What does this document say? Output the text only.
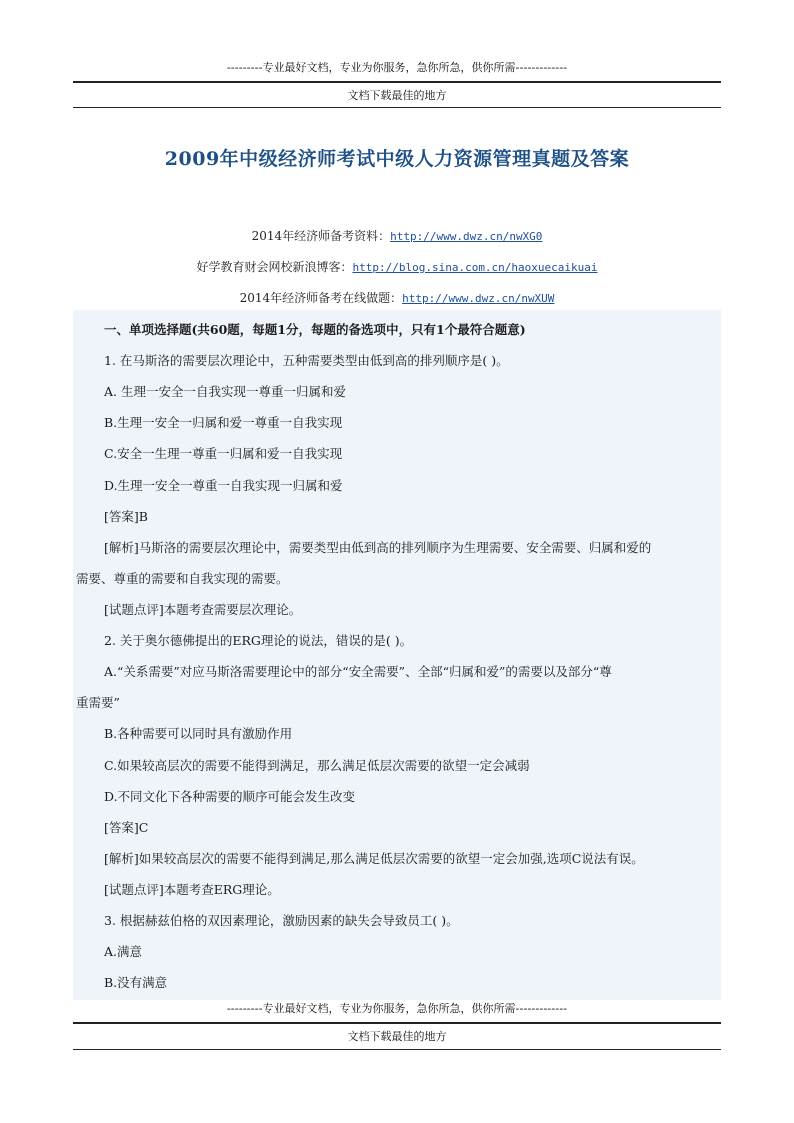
---------专业最好文档，专业为你服务，急你所急，供你所需-------------
文档下载最佳的地方
2009年中级经济师考试中级人力资源管理真题及答案
2014年经济师备考资料：http://www.dwz.cn/nwXG0
好学教育财会网校新浪博客：http://blog.sina.com.cn/haoxuecaikuai
2014年经济师备考在线做题：http://www.dwz.cn/nwXUW
一、单项选择题(共60题，每题1分，每题的备选项中，只有1个最符合题意)
1. 在马斯洛的需要层次理论中，五种需要类型由低到高的排列顺序是( )。
A. 生理一安全一自我实现一尊重一归属和爱
B.生理一安全一归属和爱一尊重一自我实现
C.安全一生理一尊重一归属和爱一自我实现
D.生理一安全一尊重一自我实现一归属和爱
[答案]B
[解析]马斯洛的需要层次理论中，需要类型由低到高的排列顺序为生理需要、安全需要、归属和爱的
需要、尊重的需要和自我实现的需要。
[试题点评]本题考查需要层次理论。
2. 关于奥尔德佛提出的ERG理论的说法，错误的是( )。
A.“关系需要”对应马斯洛需要理论中的部分“安全需要”、全部“归属和爱”的需要以及部分“尊
重需要”
B.各种需要可以同时具有激励作用
C.如果较高层次的需要不能得到满足，那么满足低层次需要的欲望一定会减弱
D.不同文化下各种需要的顺序可能会发生改变
[答案]C
[解析]如果较高层次的需要不能得到满足,那么满足低层次需要的欲望一定会加强,选项C说法有误。
[试题点评]本题考查ERG理论。
3. 根据赫兹伯格的双因素理论，激励因素的缺失会导致员工( )。
A.满意
B.没有满意
---------专业最好文档，专业为你服务，急你所急，供你所需-------------
文档下载最佳的地方
